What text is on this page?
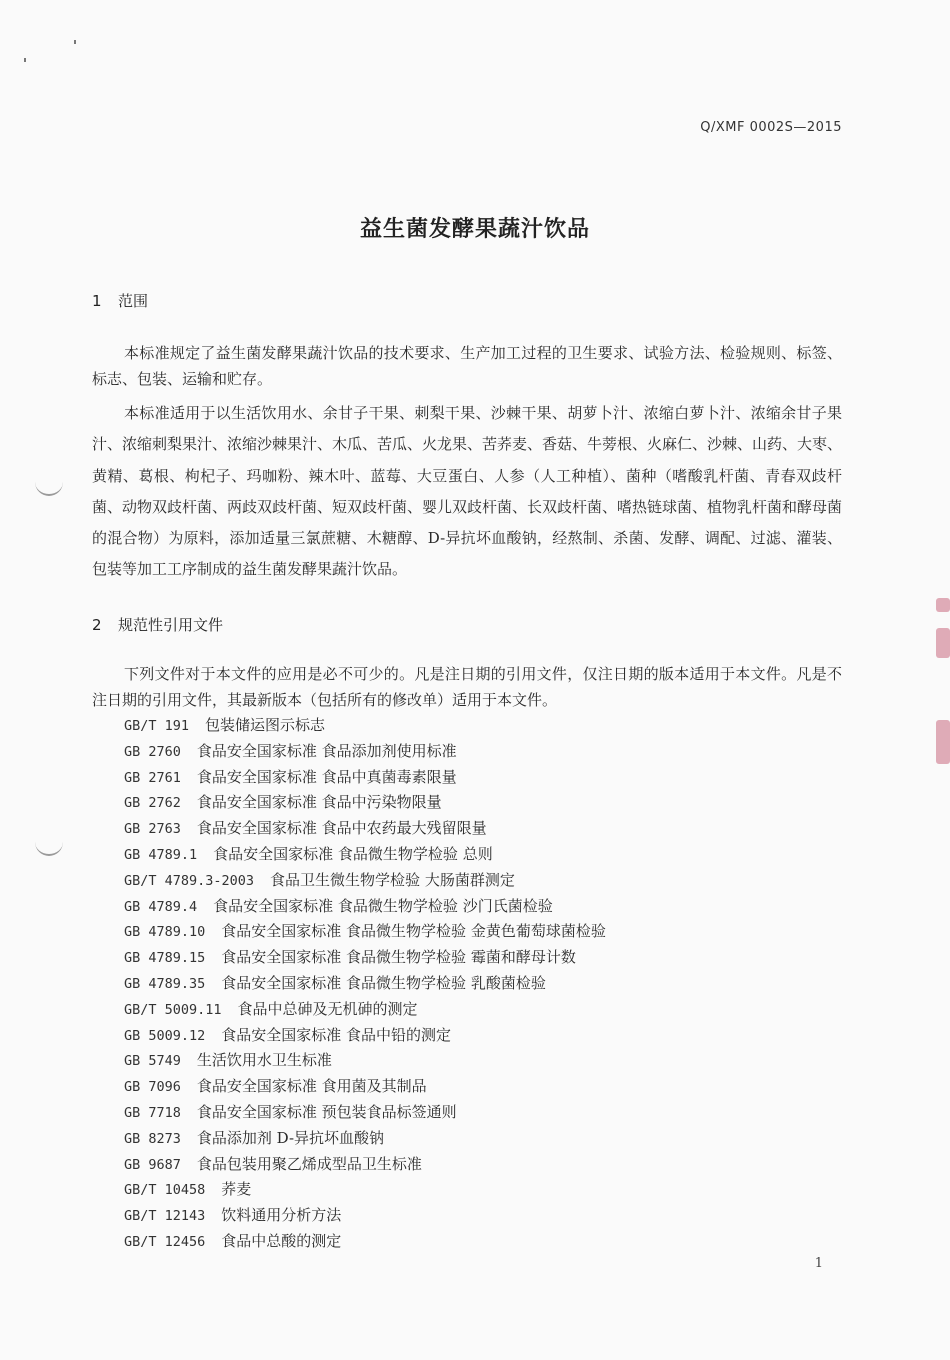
Q/XMF 0002S—2015
益生菌发酵果蔬汁饮品
1 范围

本标准规定了益生菌发酵果蔬汁饮品的技术要求、生产加工过程的卫生要求、试验方法、检验规则、标签、标志、包装、运输和贮存。

本标准适用于以生活饮用水、余甘子干果、刺梨干果、沙棘干果、胡萝卜汁、浓缩白萝卜汁、浓缩余甘子果汁、浓缩刺梨果汁、浓缩沙棘果汁、木瓜、苦瓜、火龙果、苦荞麦、香菇、牛蒡根、火麻仁、沙棘、山药、大枣、黄精、葛根、枸杞子、玛咖粉、辣木叶、蓝莓、大豆蛋白、人参（人工种植）、菌种（嗜酸乳杆菌、青春双歧杆菌、动物双歧杆菌、两歧双歧杆菌、短双歧杆菌、婴儿双歧杆菌、长双歧杆菌、嗜热链球菌、植物乳杆菌和酵母菌的混合物）为原料，添加适量三氯蔗糖、木糖醇、D-异抗坏血酸钠，经熬制、杀菌、发酵、调配、过滤、灌装、包装等加工工序制成的益生菌发酵果蔬汁饮品。

2 规范性引用文件

下列文件对于本文件的应用是必不可少的。凡是注日期的引用文件，仅注日期的版本适用于本文件。凡是不注日期的引用文件，其最新版本（包括所有的修改单）适用于本文件。

GB/T 191 包装储运图示标志
GB 2760 食品安全国家标准 食品添加剂使用标准
GB 2761 食品安全国家标准 食品中真菌毒素限量
GB 2762 食品安全国家标准 食品中污染物限量
GB 2763 食品安全国家标准 食品中农药最大残留限量
GB 4789.1 食品安全国家标准 食品微生物学检验 总则
GB/T 4789.3-2003 食品卫生微生物学检验 大肠菌群测定
GB 4789.4 食品安全国家标准 食品微生物学检验 沙门氏菌检验
GB 4789.10 食品安全国家标准 食品微生物学检验 金黄色葡萄球菌检验
GB 4789.15 食品安全国家标准 食品微生物学检验 霉菌和酵母计数
GB 4789.35 食品安全国家标准 食品微生物学检验 乳酸菌检验
GB/T 5009.11 食品中总砷及无机砷的测定
GB 5009.12 食品安全国家标准 食品中铅的测定
GB 5749 生活饮用水卫生标准
GB 7096 食品安全国家标准 食用菌及其制品
GB 7718 食品安全国家标准 预包装食品标签通则
GB 8273 食品添加剂 D-异抗坏血酸钠
GB 9687 食品包装用聚乙烯成型品卫生标准
GB/T 10458 荞麦
GB/T 12143 饮料通用分析方法
GB/T 12456 食品中总酸的测定
1
